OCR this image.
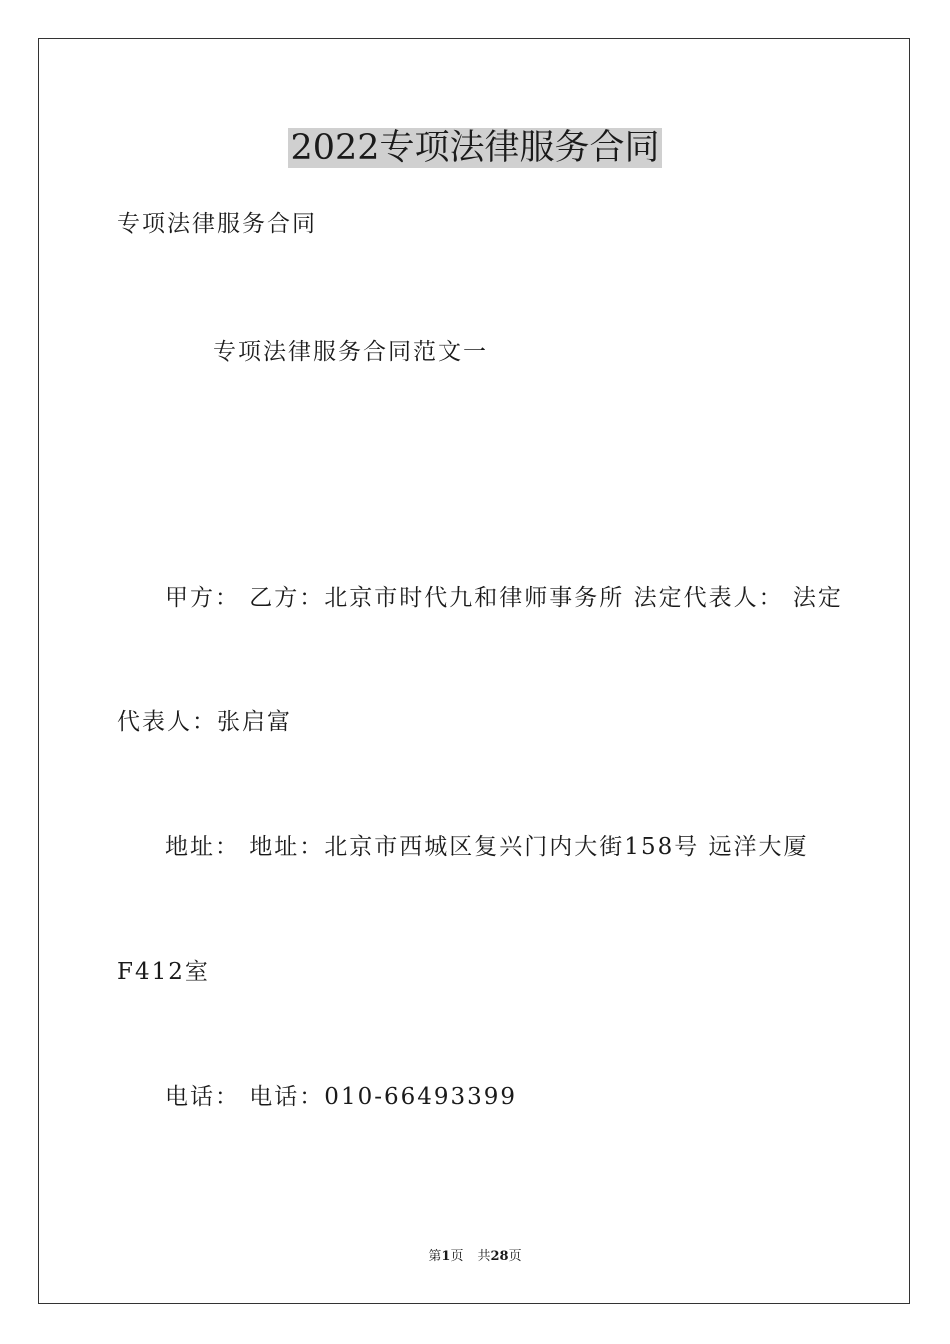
2022专项法律服务合同

专项法律服务合同

专项法律服务合同范文一

甲方： 乙方：北京市时代九和律师事务所 法定代表人： 法定

代表人：张启富

地址： 地址：北京市西城区复兴门内大街158号 远洋大厦

F412室

电话： 电话：010-66493399

第1页 共28页
